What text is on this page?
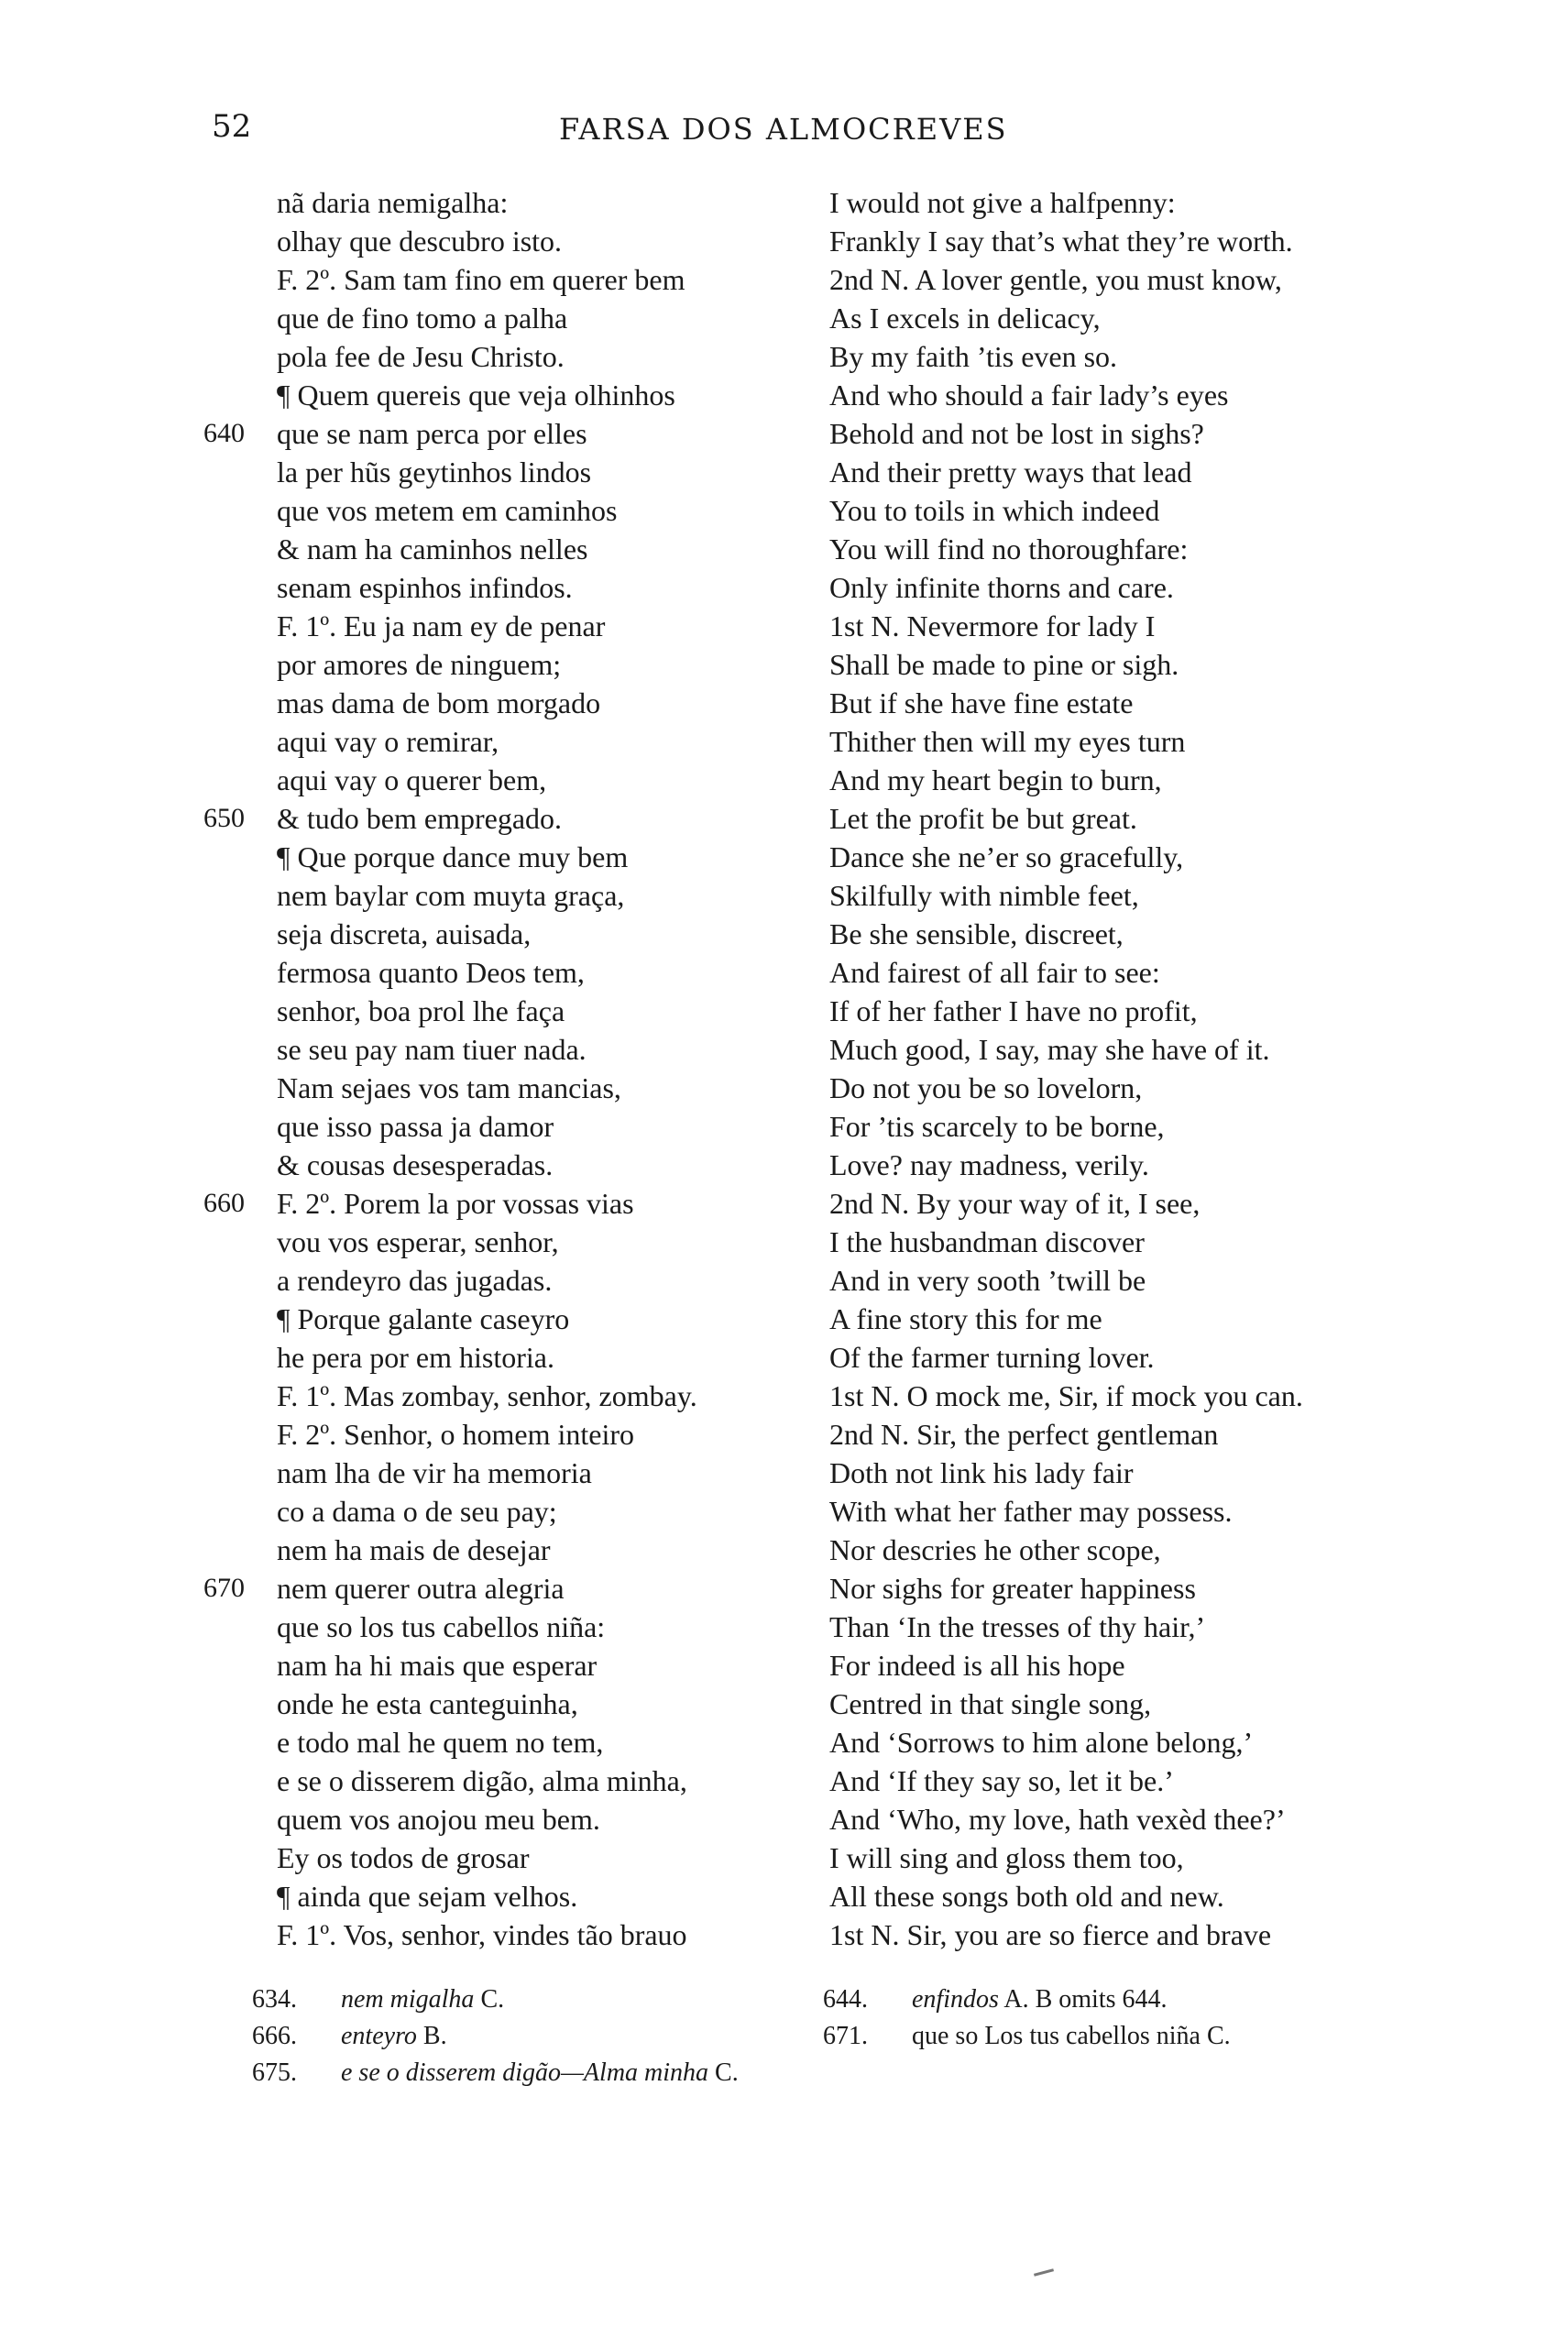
52	FARSA DOS ALMOCREVES
nã daria nemigalha:
olhay que descubro isto.
F. 2º. Sam tam fino em querer bem
que de fino tomo a palha
pola fee de Jesu Christo.
¶ Quem quereis que veja olhinhos
640	que se nam perca por elles
la per hũs geytinhos lindos
que vos metem em caminhos
& nam ha caminhos nelles
senam espinhos infindos.
F. 1º. Eu ja nam ey de penar
por amores de ninguem;
mas dama de bom morgado
aqui vay o remirar,
aqui vay o querer bem,
650	& tudo bem empregado.
¶ Que porque dance muy bem
nem baylar com muyta graça,
seja discreta, auisada,
fermosa quanto Deos tem,
senhor, boa prol lhe faça
se seu pay nam tiuer nada.
Nam sejaes vos tam mancias,
que isso passa ja damor
& cousas desesperadas.
660	F. 2º. Porem la por vossas vias
vou vos esperar, senhor,
a rendeyro das jugadas.
¶ Porque galante caseyro
he pera por em historia.
F. 1º. Mas zombay, senhor, zombay.
F. 2º. Senhor, o homem inteiro
nam lha de vir ha memoria
co a dama o de seu pay;
nem ha mais de desejar
670	nem querer outra alegria
que so los tus cabellos niña:
nam ha hi mais que esperar
onde he esta canteguinha,
e todo mal he quem no tem,
e se o disserem digão, alma minha,
quem vos anojou meu bem.
Ey os todos de grosar
¶ ainda que sejam velhos.
F. 1º. Vos, senhor, vindes tão brauo
I would not give a halfpenny:
Frankly I say that’s what they’re worth.
2nd N. A lover gentle, you must know,
As I excels in delicacy,
By my faith ’tis even so.
And who should a fair lady’s eyes
Behold and not be lost in sighs?
And their pretty ways that lead
You to toils in which indeed
You will find no thoroughfare:
Only infinite thorns and care.
1st N. Nevermore for lady I
Shall be made to pine or sigh.
But if she have fine estate
Thither then will my eyes turn
And my heart begin to burn,
Let the profit be but great.
Dance she ne’er so gracefully,
Skilfully with nimble feet,
Be she sensible, discreet,
And fairest of all fair to see:
If of her father I have no profit,
Much good, I say, may she have of it.
Do not you be so lovelorn,
For ’tis scarcely to be borne,
Love? nay madness, verily.
2nd N. By your way of it, I see,
I the husbandman discover
And in very sooth ’twill be
A fine story this for me
Of the farmer turning lover.
1st N. O mock me, Sir, if mock you can.
2nd N. Sir, the perfect gentleman
Doth not link his lady fair
With what her father may possess.
Nor descries he other scope,
Nor sighs for greater happiness
Than ‘In the tresses of thy hair,’
For indeed is all his hope
Centred in that single song,
And ‘Sorrows to him alone belong,’
And ‘If they say so, let it be.’
And ‘Who, my love, hath vexèd thee?’
I will sing and gloss them too,
All these songs both old and new.
1st N. Sir, you are so fierce and brave
634. nem migalha C.	644. enfindos A. B omits 644.
666. enteyro B.	671. que so Los tus cabellos niña C.
675. e se o disserem digão—Alma minha C.
